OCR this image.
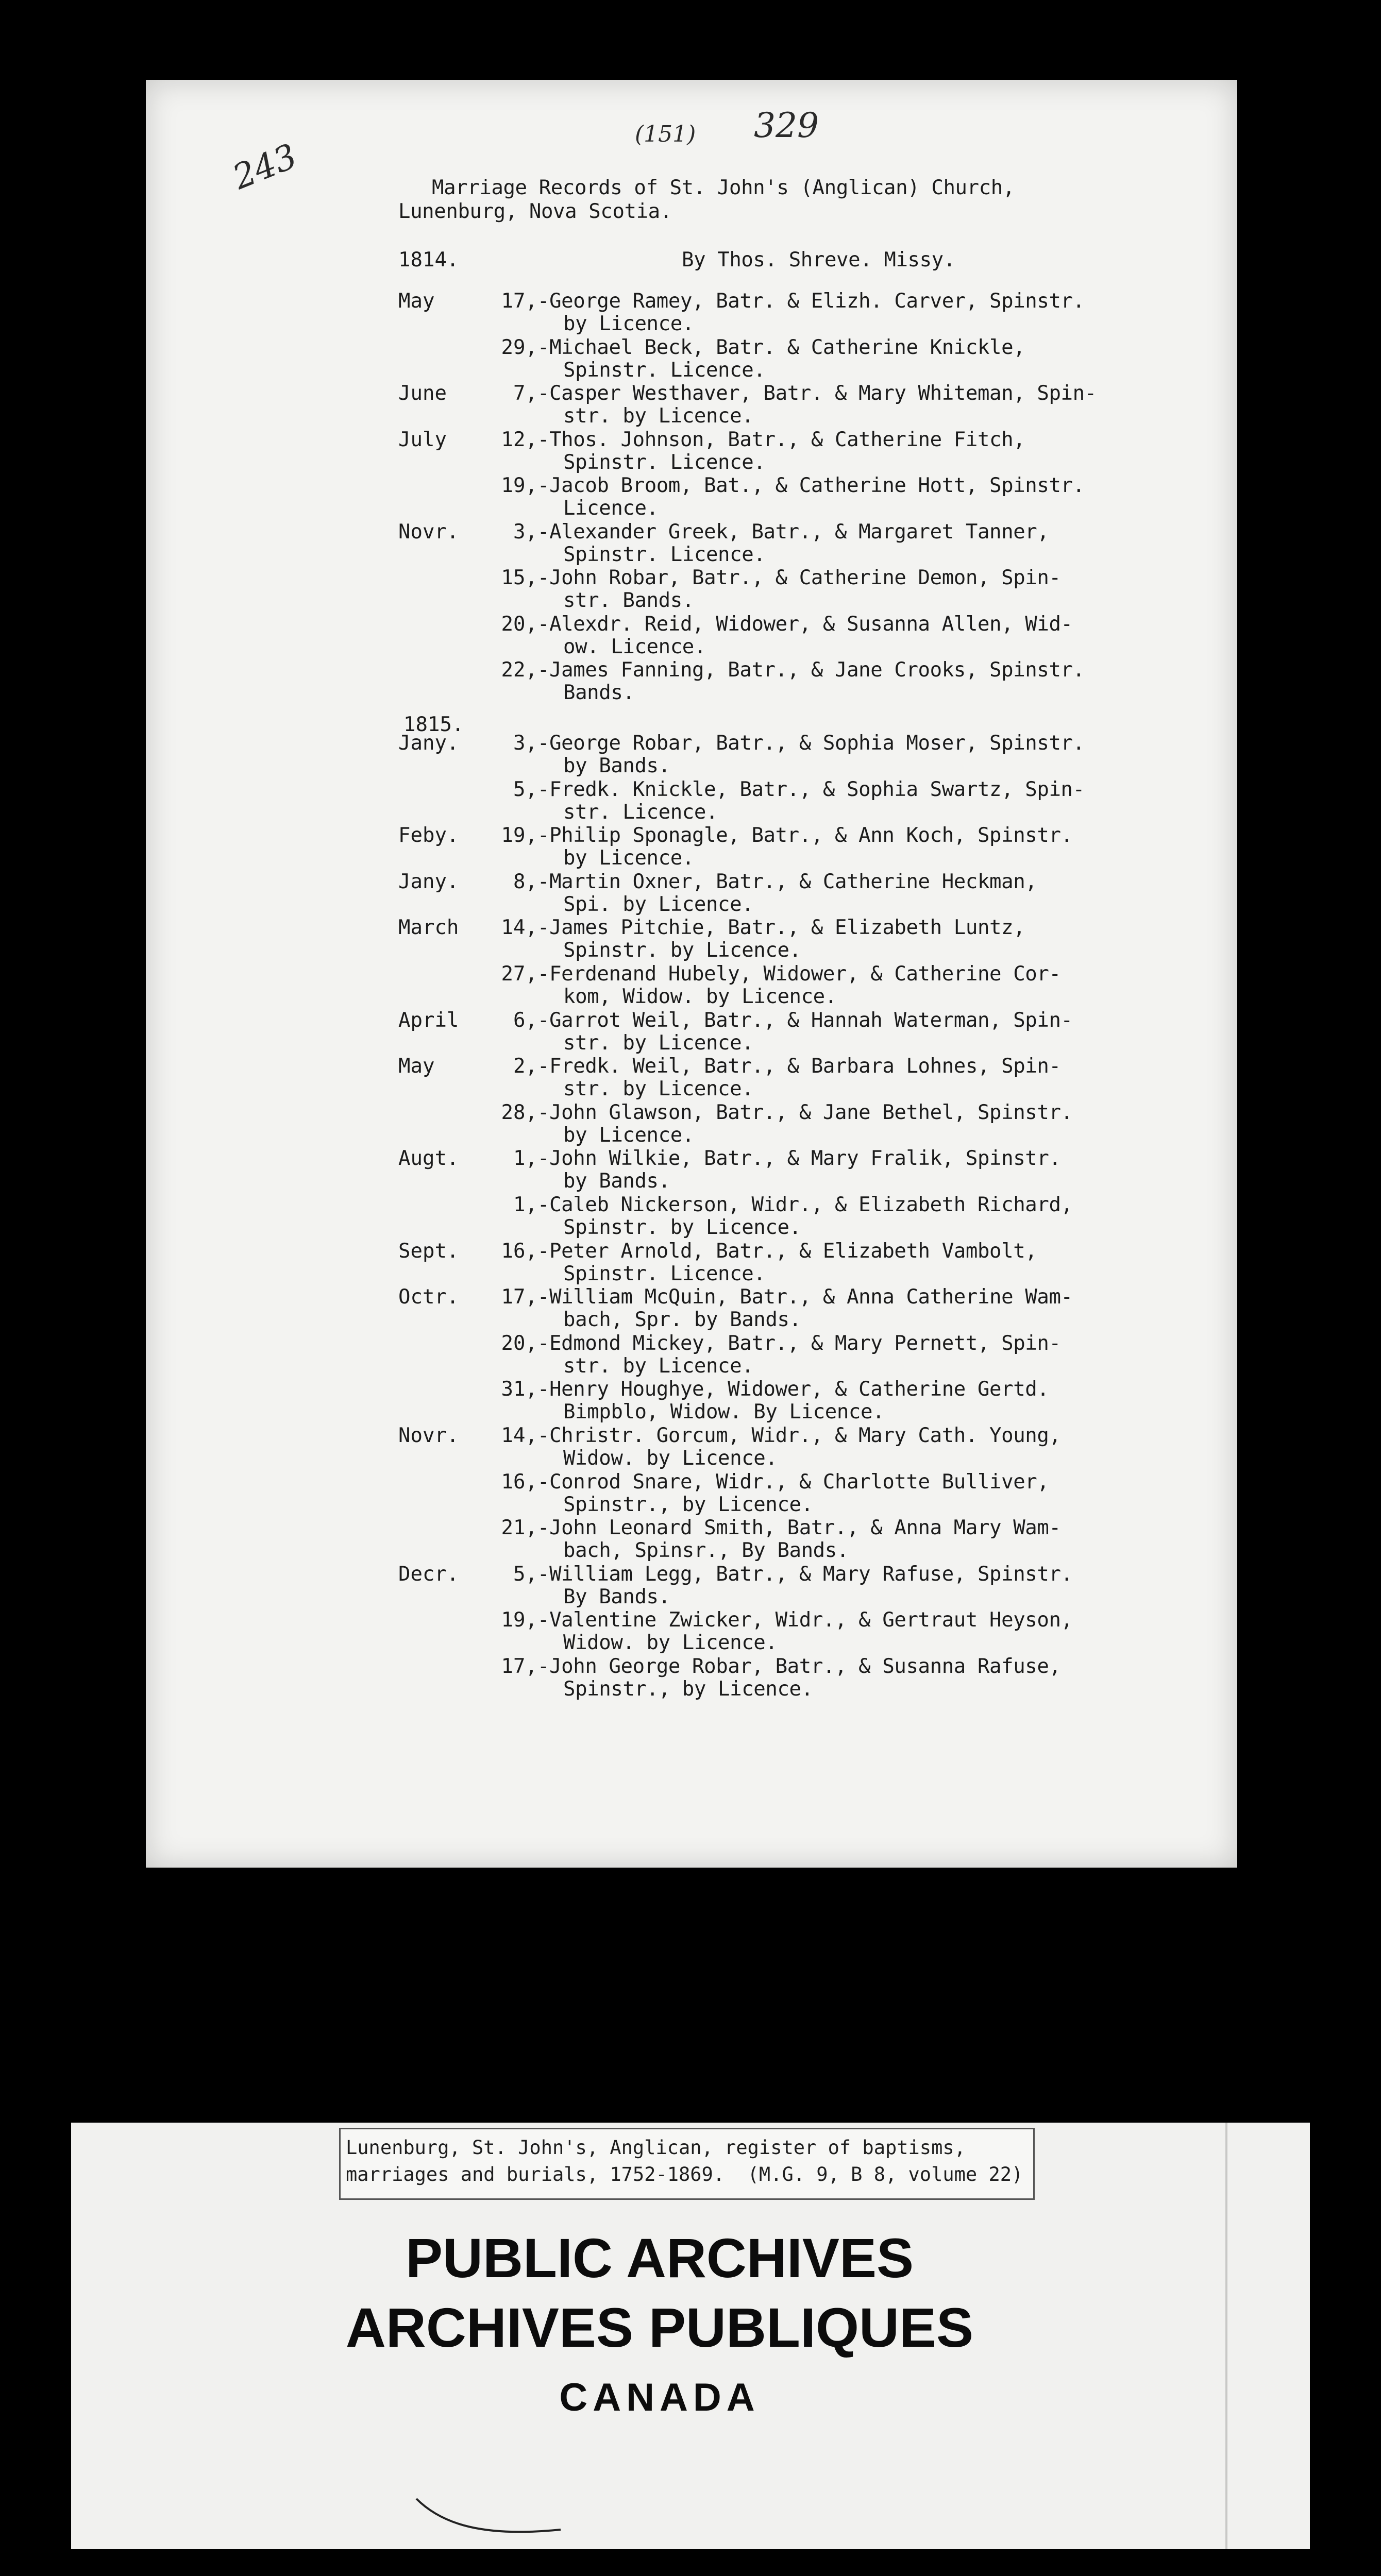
243
(151) 329
Marriage Records of St. John's (Anglican) Church,
Lunenburg, Nova Scotia.
1814.	By Thos. Shreve. Missy.
May	17, -George Ramey, Batr. & Elizh. Carver, Spinstr.
by Licence.
29, -Michael Beck, Batr. & Catherine Knickle,
Spinstr. Licence.
June	7, -Casper Westhaver, Batr. & Mary Whiteman, Spin-
str. by Licence.
July	12, -Thos. Johnson, Batr., & Catherine Fitch,
Spinstr. Licence.
19, -Jacob Broom, Bat., & Catherine Hott, Spinstr.
Licence.
Novr.	3, -Alexander Greek, Batr., & Margaret Tanner,
Spinstr. Licence.
15, -John Robar, Batr., & Catherine Demon, Spin-
str. Bands.
20, -Alexdr. Reid, Widower, & Susanna Allen, Wid-
ow. Licence.
22, -James Fanning, Batr., & Jane Crooks, Spinstr.
Bands.
1815.
Jany.	3, -George Robar, Batr., & Sophia Moser, Spinstr.
by Bands.
5, -Fredk. Knickle, Batr., & Sophia Swartz, Spin-
str. Licence.
Feby.	19, -Philip Sponagle, Batr., & Ann Koch, Spinstr.
by Licence.
Jany.	8, -Martin Oxner, Batr., & Catherine Heckman,
Spi. by Licence.
March	14, -James Pitchie, Batr., & Elizabeth Luntz,
Spinstr. by Licence.
27, -Ferdenand Hubely, Widower, & Catherine Cor-
kom, Widow. by Licence.
April	6, -Garrot Weil, Batr., & Hannah Waterman, Spin-
str. by Licence.
May	2, -Fredk. Weil, Batr., & Barbara Lohnes, Spin-
str. by Licence.
28, -John Glawson, Batr., & Jane Bethel, Spinstr.
by Licence.
Augt.	1, -John Wilkie, Batr., & Mary Fralik, Spinstr.
by Bands.
1, -Caleb Nickerson, Widr., & Elizabeth Richard,
Spinstr. by Licence.
Sept.	16, -Peter Arnold, Batr., & Elizabeth Vambolt,
Spinstr. Licence.
Octr.	17, -William McQuin, Batr., & Anna Catherine Wam-
bach, Spr. by Bands.
20, -Edmond Mickey, Batr., & Mary Pernett, Spin-
str. by Licence.
31, -Henry Houghye, Widower, & Catherine Gertd.
Bimpblo, Widow. By Licence.
Novr.	14, -Christr. Gorcum, Widr., & Mary Cath. Young,
Widow. by Licence.
16, -Conrod Snare, Widr., & Charlotte Bulliver,
Spinstr., by Licence.
21, -John Leonard Smith, Batr., & Anna Mary Wam-
bach, Spinsr., By Bands.
Decr.	5, -William Legg, Batr., & Mary Rafuse, Spinstr.
By Bands.
19, -Valentine Zwicker, Widr., & Gertraut Heyson,
Widow. by Licence.
17, -John George Robar, Batr., & Susanna Rafuse,
Spinstr., by Licence.
Lunenburg, St. John's, Anglican, register of baptisms,
marriages and burials, 1752-1869.  (M.G. 9, B 8, volume 22)
PUBLIC ARCHIVES
ARCHIVES PUBLIQUES
CANADA
